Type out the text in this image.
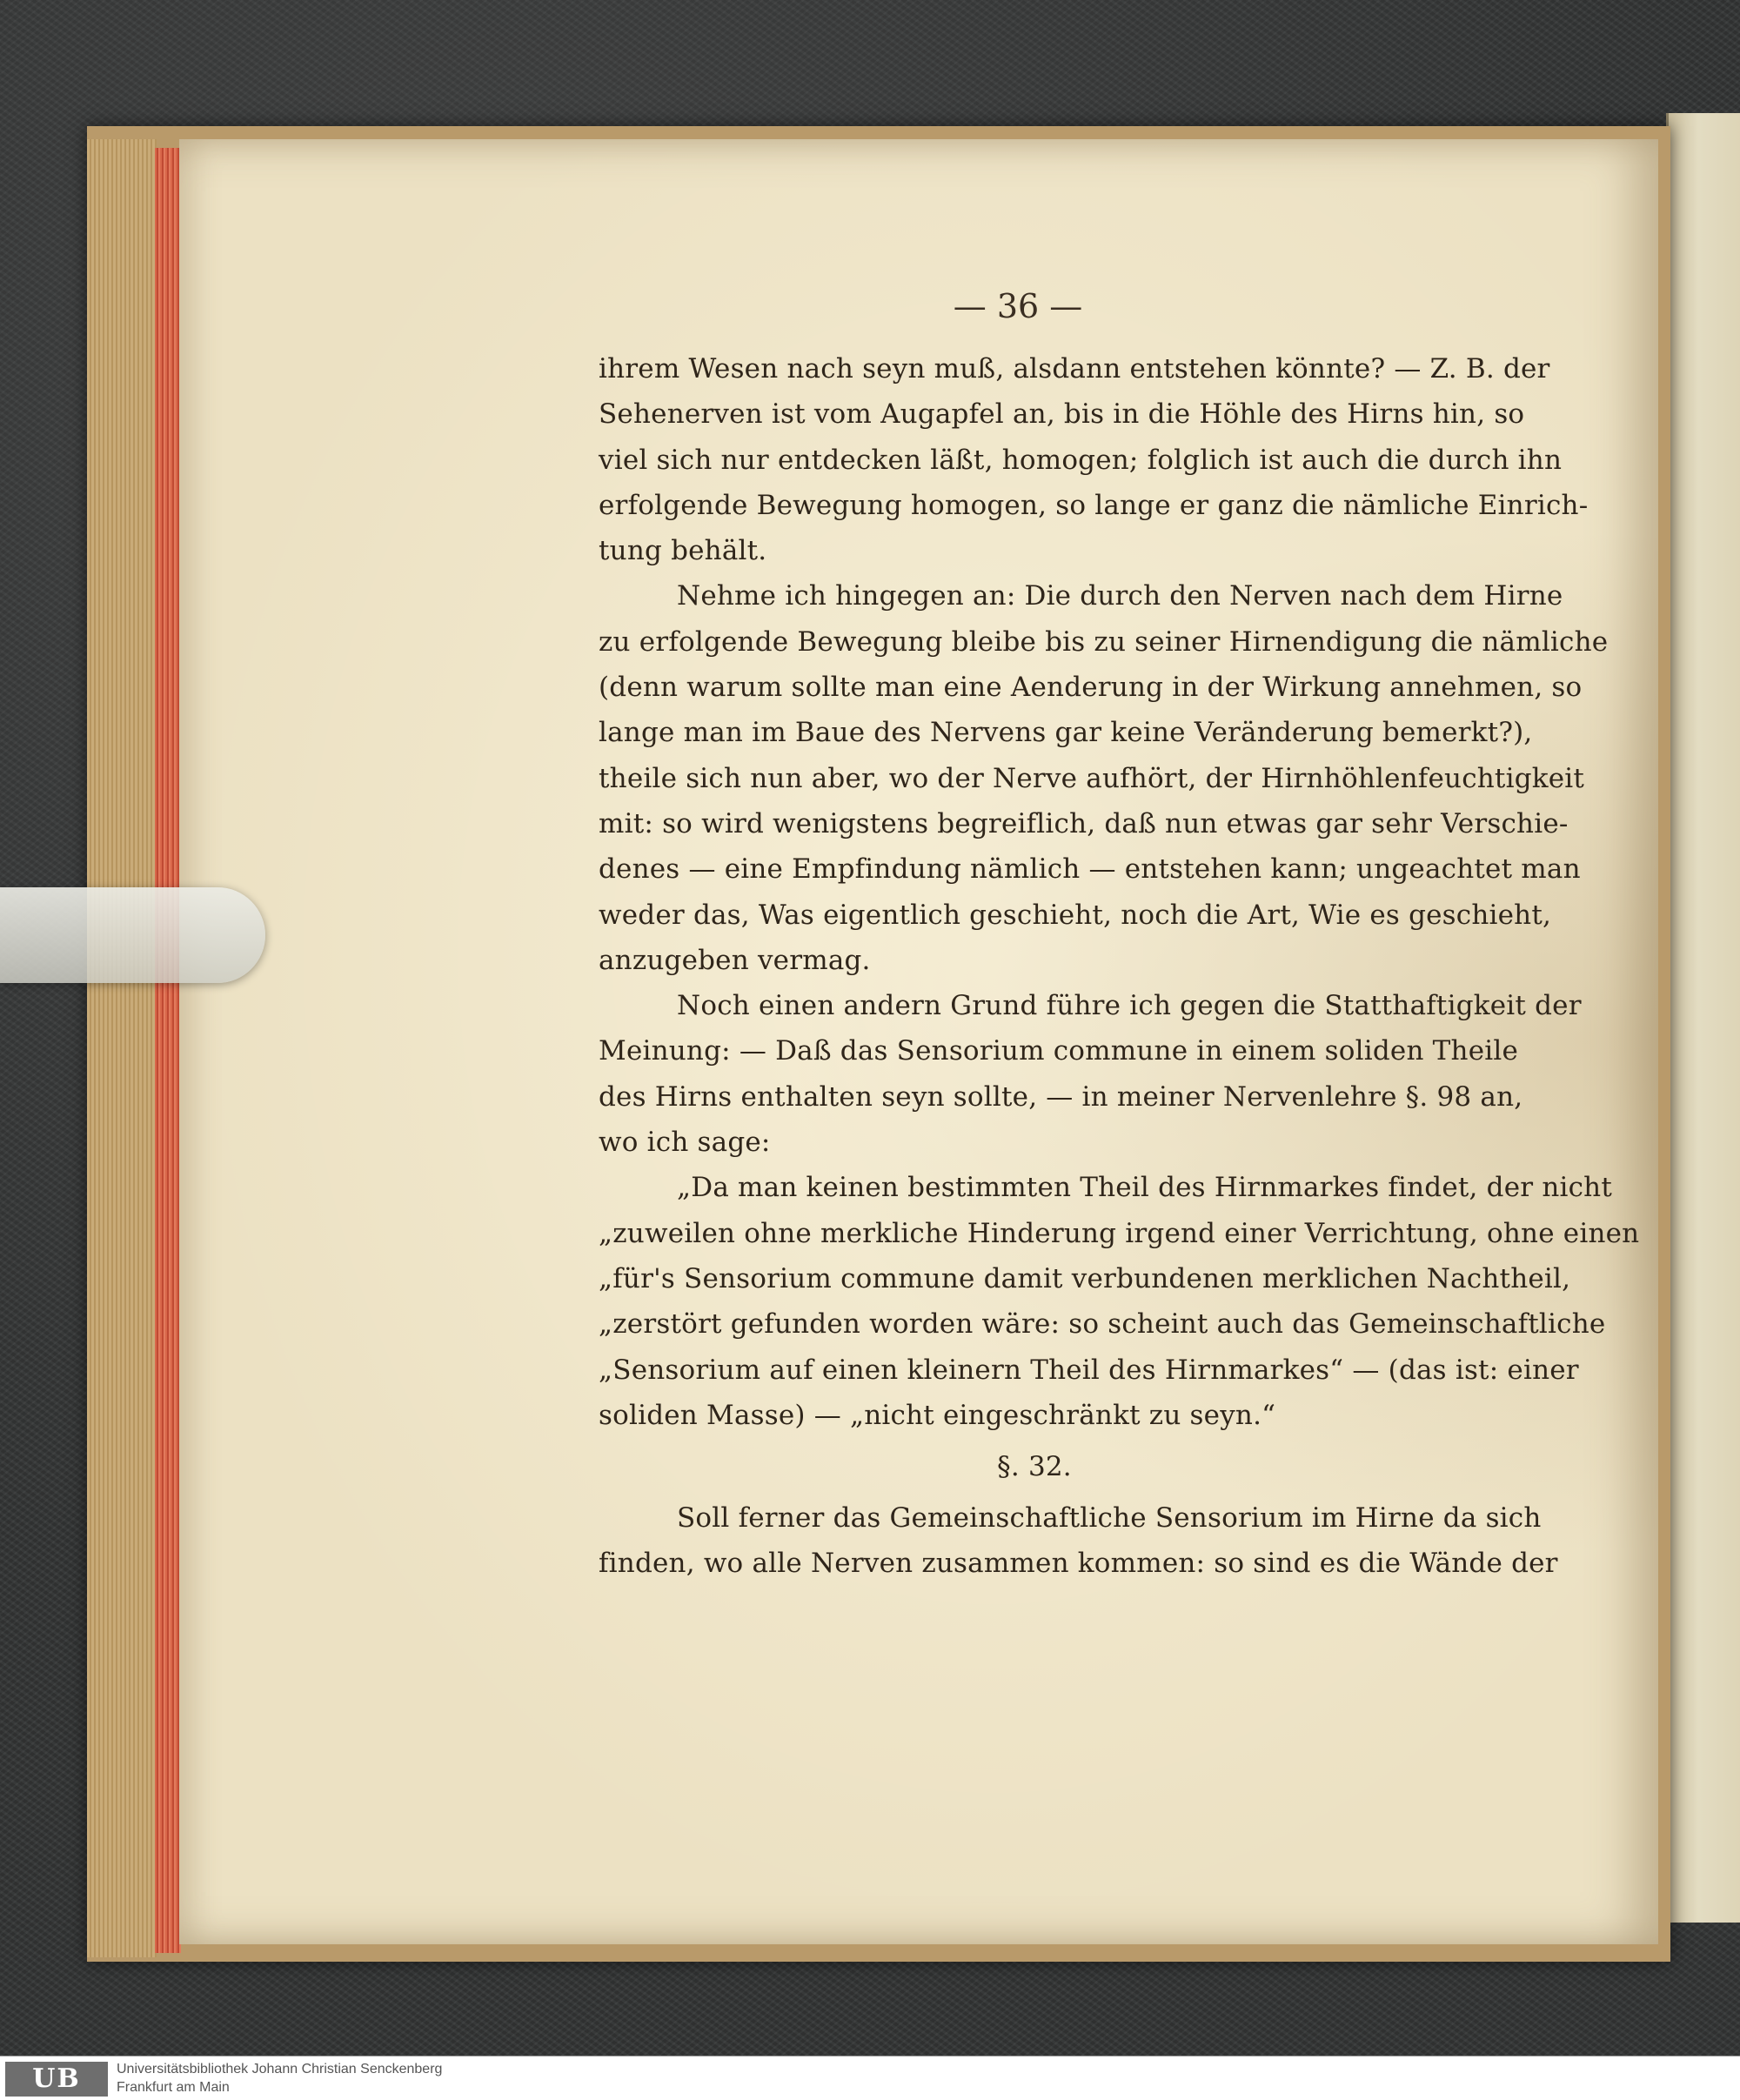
— 36 —
ihrem Wesen nach seyn muß, alsdann entstehen könnte? — Z. B. der
Sehenerven ist vom Augapfel an, bis in die Höhle des Hirns hin, so
viel sich nur entdecken läßt, homogen; folglich ist auch die durch ihn
erfolgende Bewegung homogen, so lange er ganz die nämliche Einrich-
tung behält.
Nehme ich hingegen an: Die durch den Nerven nach dem Hirne
zu erfolgende Bewegung bleibe bis zu seiner Hirnendigung die nämliche
(denn warum sollte man eine Aenderung in der Wirkung annehmen, so
lange man im Baue des Nervens gar keine Veränderung bemerkt?),
theile sich nun aber, wo der Nerve aufhört, der Hirnhöhlenfeuchtigkeit
mit: so wird wenigstens begreiflich, daß nun etwas gar sehr Verschie-
denes — eine Empfindung nämlich — entstehen kann; ungeachtet man
weder das, Was eigentlich geschieht, noch die Art, Wie es geschieht,
anzugeben vermag.
Noch einen andern Grund führe ich gegen die Statthaftigkeit der
Meinung: — Daß das Sensorium commune in einem soliden Theile
des Hirns enthalten seyn sollte, — in meiner Nervenlehre §. 98 an,
wo ich sage:
„Da man keinen bestimmten Theil des Hirnmarkes findet, der nicht
„zuweilen ohne merkliche Hinderung irgend einer Verrichtung, ohne einen
„für's Sensorium commune damit verbundenen merklichen Nachtheil,
„zerstört gefunden worden wäre: so scheint auch das Gemeinschaftliche
„Sensorium auf einen kleinern Theil des Hirnmarkes“ — (das ist: einer
soliden Masse) — „nicht eingeschränkt zu seyn.“
§. 32.
Soll ferner das Gemeinschaftliche Sensorium im Hirne da sich
finden, wo alle Nerven zusammen kommen: so sind es die Wände der
UB	Universitätsbibliothek Johann Christian Senckenberg
Frankfurt am Main
